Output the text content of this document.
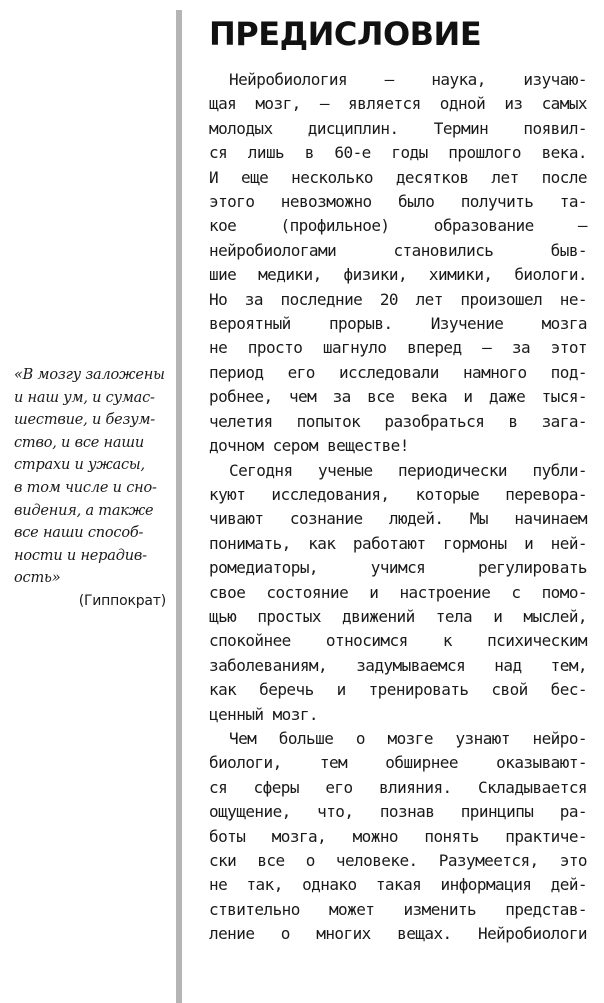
«В мозгу заложены
и наш ум, и сумас-
шествие, и безум-
ство, и все наши
страхи и ужасы,
в том числе и сно-
видения, а также
все наши способ-
ности и нерадив-
ость»
(Гиппократ)
ПРЕДИСЛОВИЕ
Нейробиология — наука, изучаю-
щая мозг, — является одной из самых
молодых дисциплин. Термин появил-
ся лишь в 60-е годы прошлого века.
И еще несколько десятков лет после
этого невозможно было получить та-
кое (профильное) образование —
нейробиологами становились быв-
шие медики, физики, химики, биологи.
Но за последние 20 лет произошел не-
вероятный прорыв. Изучение мозга
не просто шагнуло вперед — за этот
период его исследовали намного под-
робнее, чем за все века и даже тыся-
челетия попыток разобраться в зага-
дочном сером веществе!
Сегодня ученые периодически публи-
куют исследования, которые перевора-
чивают сознание людей. Мы начинаем
понимать, как работают гормоны и ней-
ромедиаторы, учимся регулировать
свое состояние и настроение с помо-
щью простых движений тела и мыслей,
спокойнее относимся к психическим
заболеваниям, задумываемся над тем,
как беречь и тренировать свой бес-
ценный мозг.
Чем больше о мозге узнают нейро-
биологи, тем обширнее оказывают-
ся сферы его влияния. Складывается
ощущение, что, познав принципы ра-
боты мозга, можно понять практиче-
ски все о человеке. Разумеется, это
не так, однако такая информация дей-
ствительно может изменить представ-
ление о многих вещах. Нейробиологи
